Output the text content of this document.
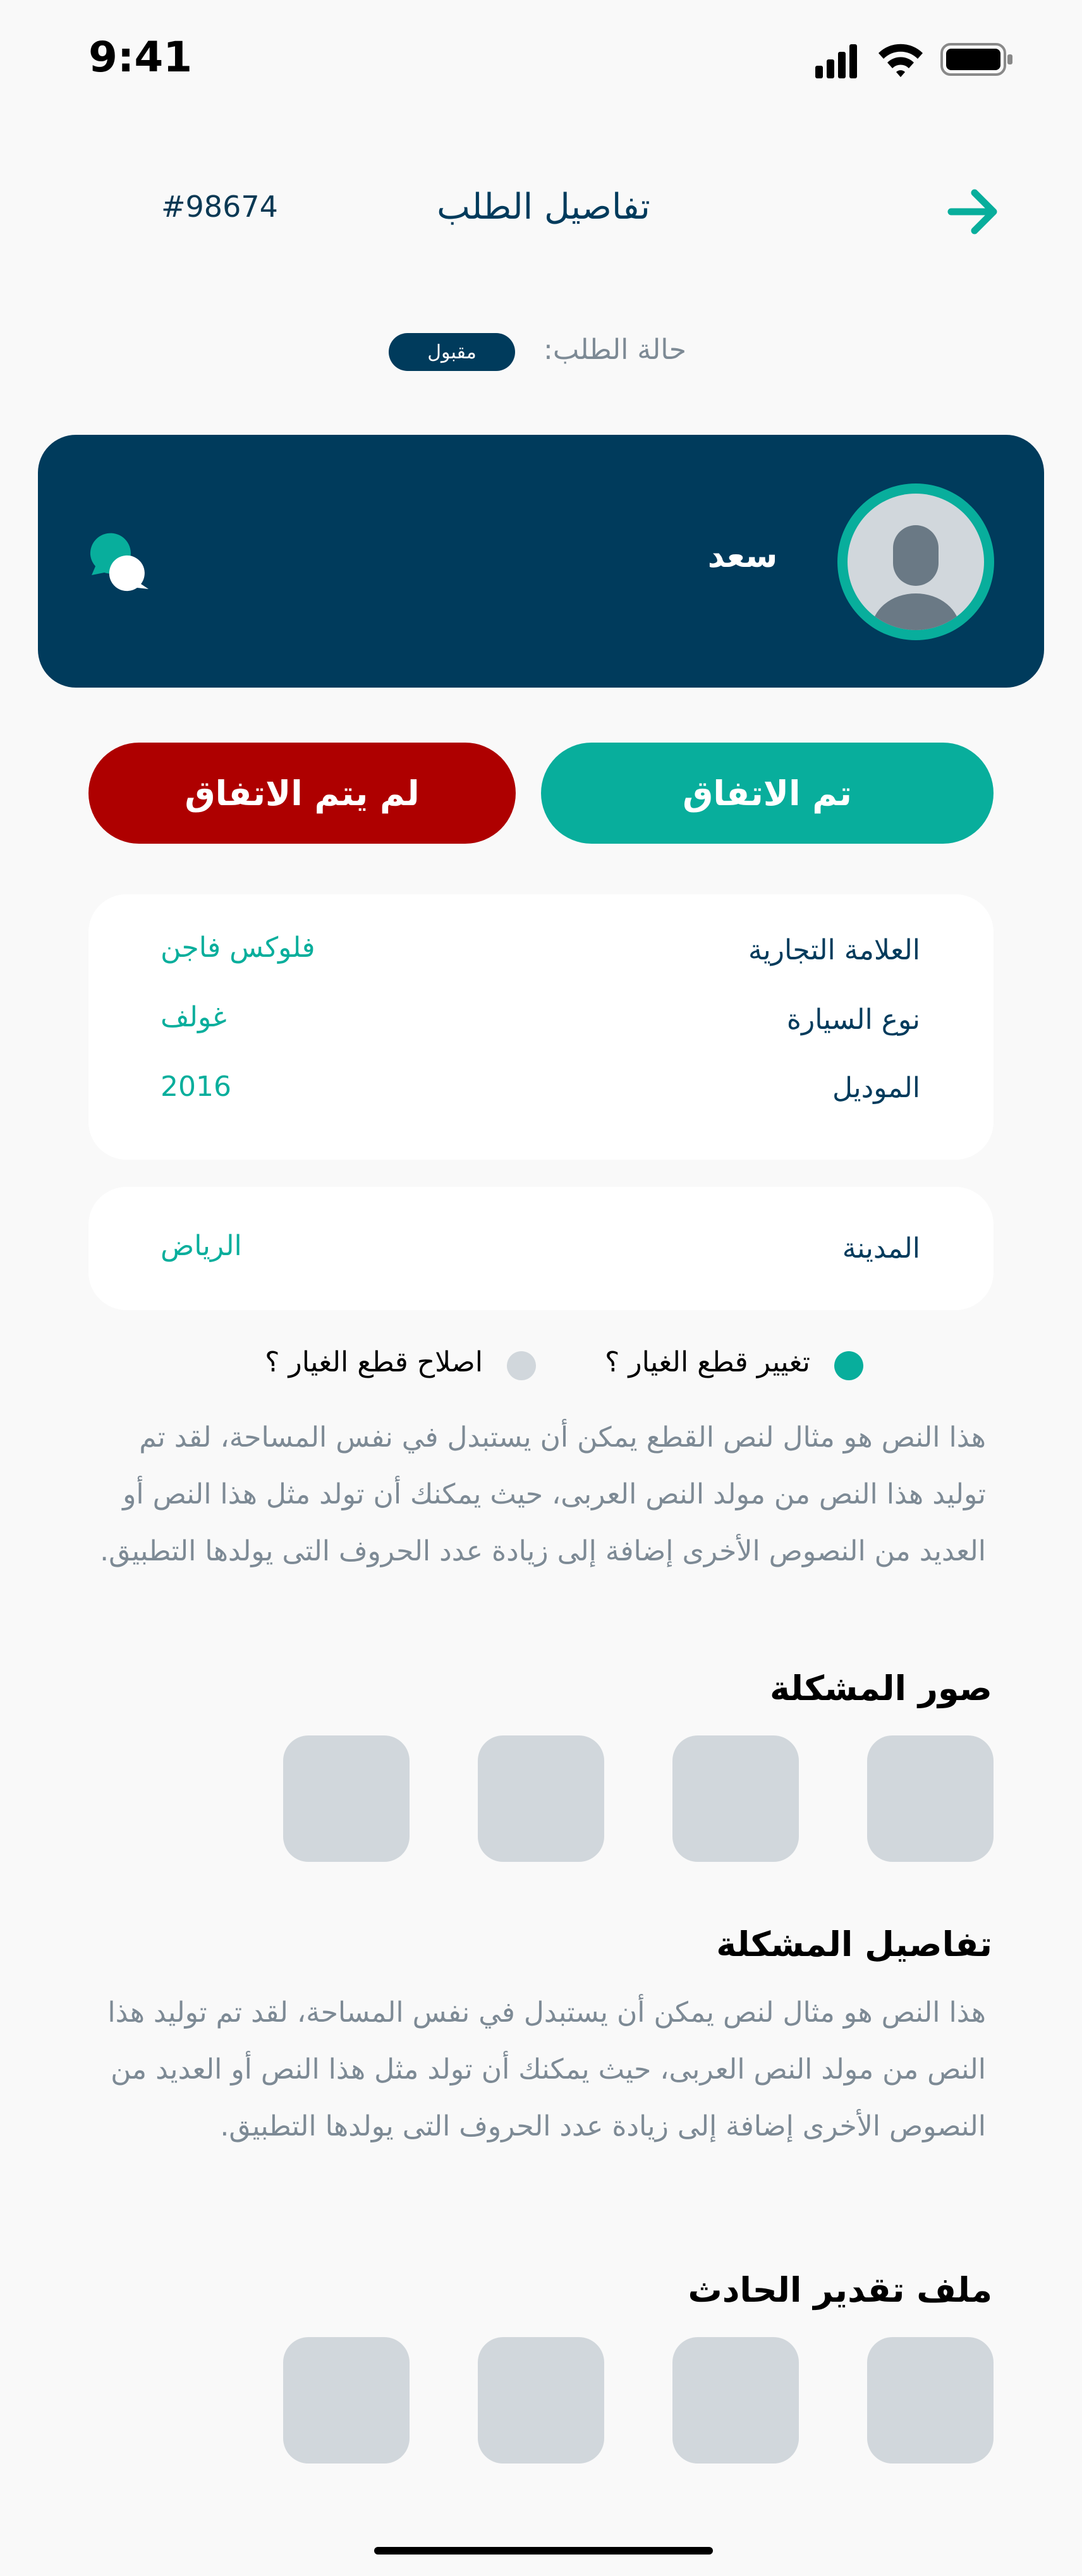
9:41
#98674	تفاصيل الطلب
حالة الطلب:
مقبول
سعد
تم الاتفاق
لم يتم الاتفاق
العلامة التجارية
فلوكس فاجن
نوع السيارة
غولف
الموديل
2016
المدينة
الرياض
تغيير قطع الغيار ؟
اصلاح قطع الغيار ؟
هذا النص هو مثال لنص القطع يمكن أن يستبدل في نفس المساحة، لقد تم توليد هذا النص من مولد النص العربى، حيث يمكنك أن تولد مثل هذا النص أو العديد من النصوص الأخرى إضافة إلى زيادة عدد الحروف التى يولدها التطبيق.
صور المشكلة
تفاصيل المشكلة
هذا النص هو مثال لنص يمكن أن يستبدل في نفس المساحة، لقد تم توليد هذا النص من مولد النص العربى، حيث يمكنك أن تولد مثل هذا النص أو العديد من النصوص الأخرى إضافة إلى زيادة عدد الحروف التى يولدها التطبيق.
ملف تقدير الحادث
